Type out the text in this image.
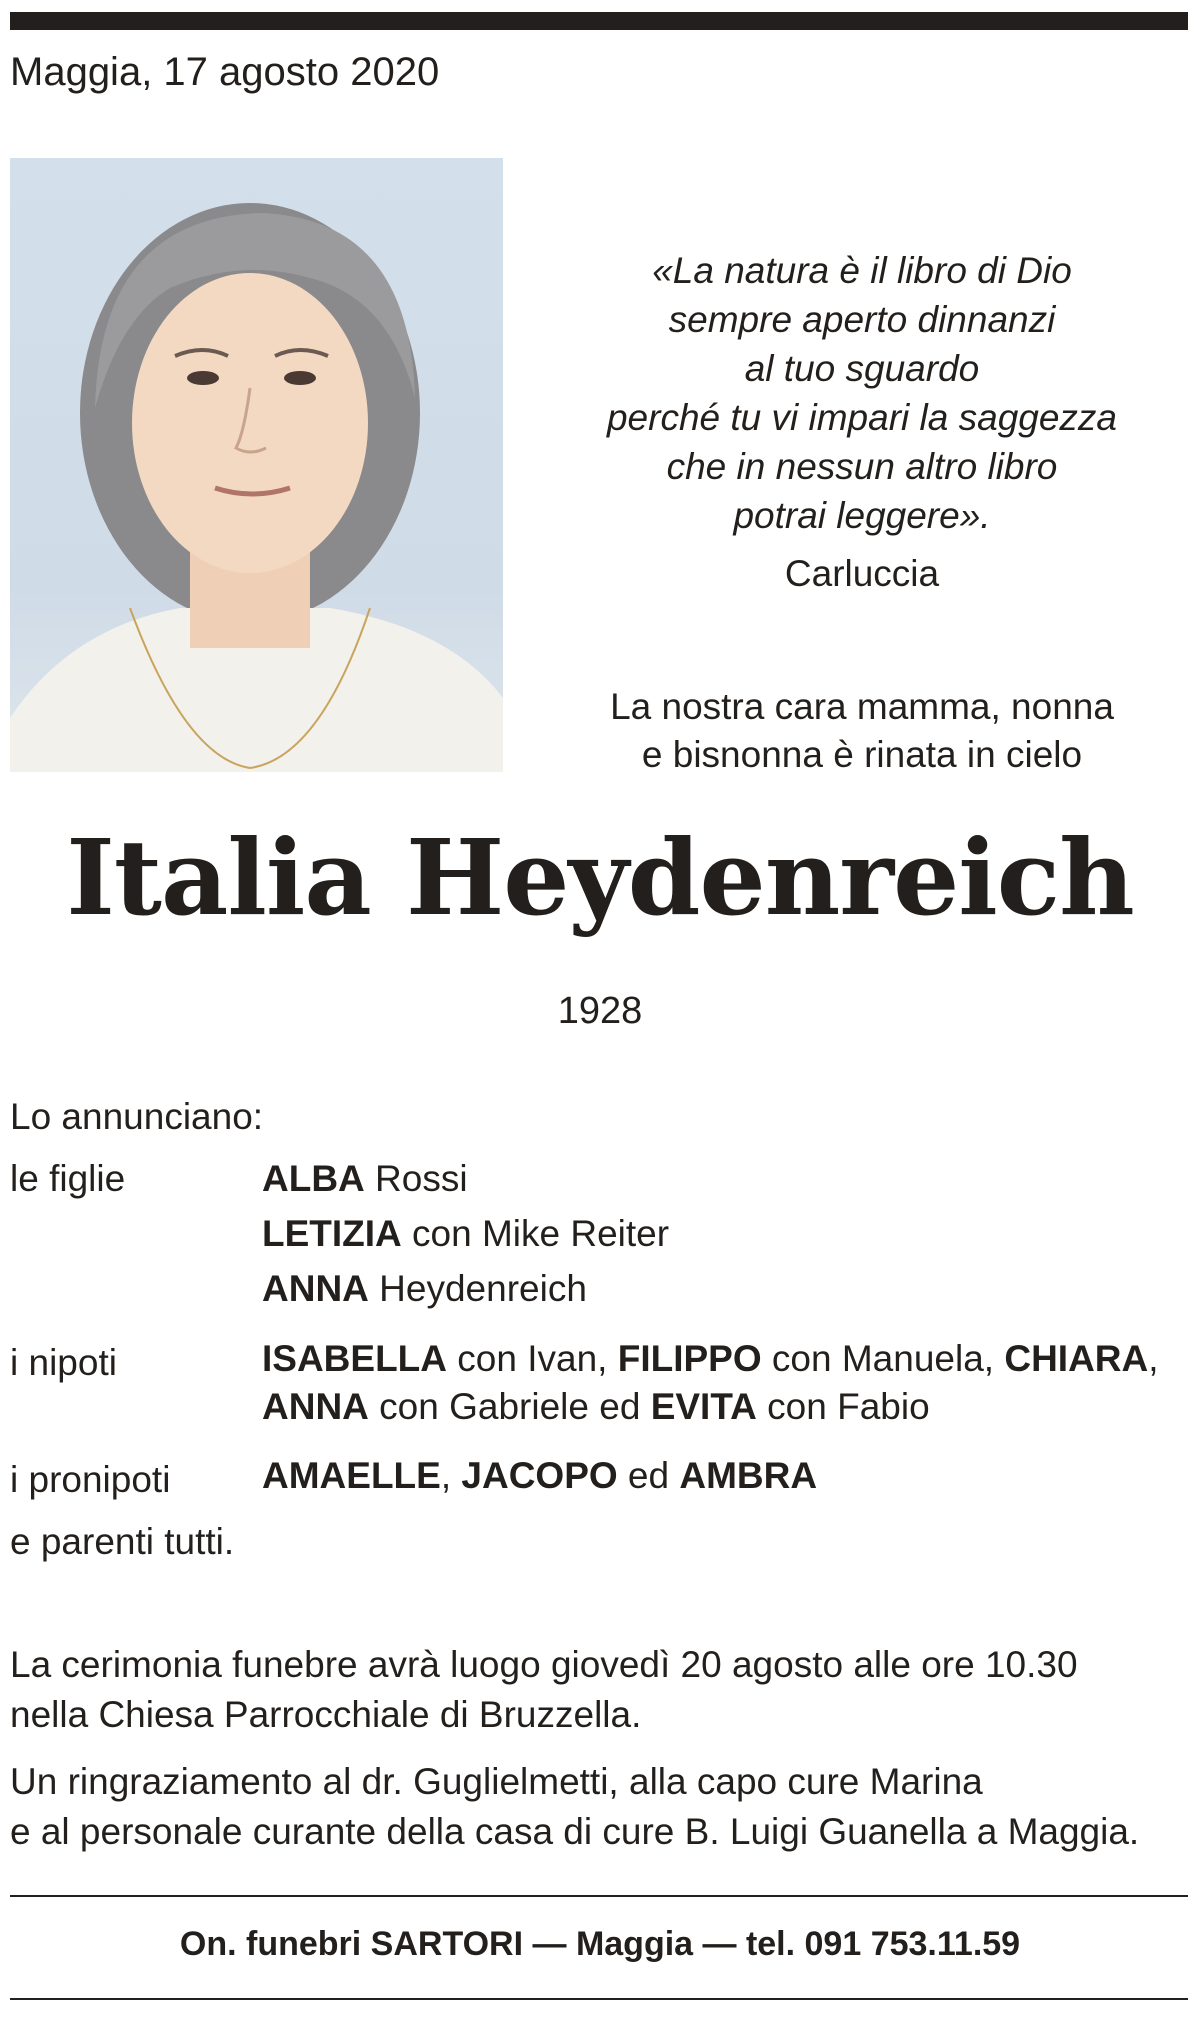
Maggia, 17 agosto 2020
«La natura è il libro di Dio
sempre aperto dinnanzi
al tuo sguardo
perché tu vi impari la saggezza
che in nessun altro libro
potrai leggere».
Carluccia
La nostra cara mamma, nonna
e bisnonna è rinata in cielo
Italia Heydenreich
1928
Lo annunciano:
le figlie	ALBA Rossi
LETIZIA con Mike Reiter
ANNA Heydenreich
i nipoti	ISABELLA con Ivan, FILIPPO con Manuela, CHIARA,
ANNA con Gabriele ed EVITA con Fabio
i pronipoti AMAELLE, JACOPO ed AMBRA
e parenti tutti.
La cerimonia funebre avrà luogo giovedì 20 agosto alle ore 10.30
nella Chiesa Parrocchiale di Bruzzella.
Un ringraziamento al dr. Guglielmetti, alla capo cure Marina
e al personale curante della casa di cure B. Luigi Guanella a Maggia.
On. funebri SARTORI — Maggia — tel. 091 753.11.59
